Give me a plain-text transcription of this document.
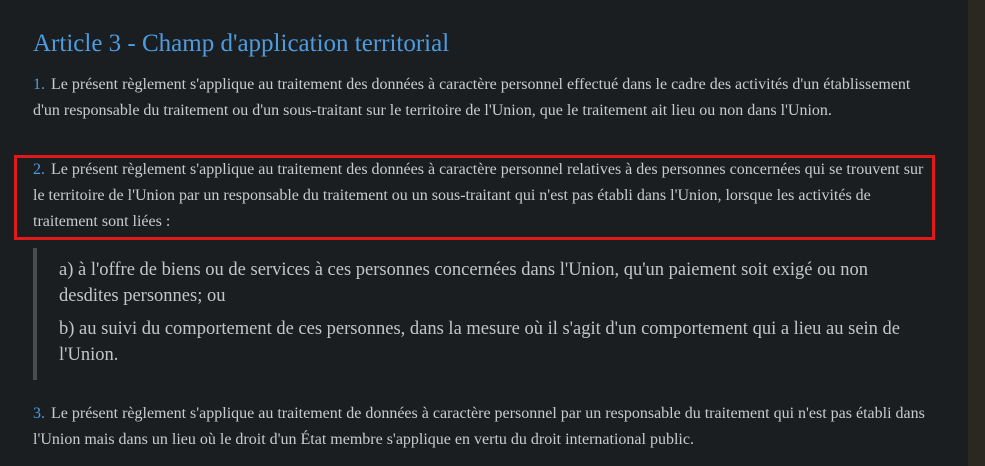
Article 3 - Champ d'application territorial

1. Le présent règlement s'applique au traitement des données à caractère personnel effectué dans le cadre des activités d'un établissement d'un responsable du traitement ou d'un sous-traitant sur le territoire de l'Union, que le traitement ait lieu ou non dans l'Union.

2. Le présent règlement s'applique au traitement des données à caractère personnel relatives à des personnes concernées qui se trouvent sur le territoire de l'Union par un responsable du traitement ou un sous-traitant qui n'est pas établi dans l'Union, lorsque les activités de traitement sont liées :

a) à l'offre de biens ou de services à ces personnes concernées dans l'Union, qu'un paiement soit exigé ou non desdites personnes; ou

b) au suivi du comportement de ces personnes, dans la mesure où il s'agit d'un comportement qui a lieu au sein de l'Union.

3. Le présent règlement s'applique au traitement de données à caractère personnel par un responsable du traitement qui n'est pas établi dans l'Union mais dans un lieu où le droit d'un État membre s'applique en vertu du droit international public.
